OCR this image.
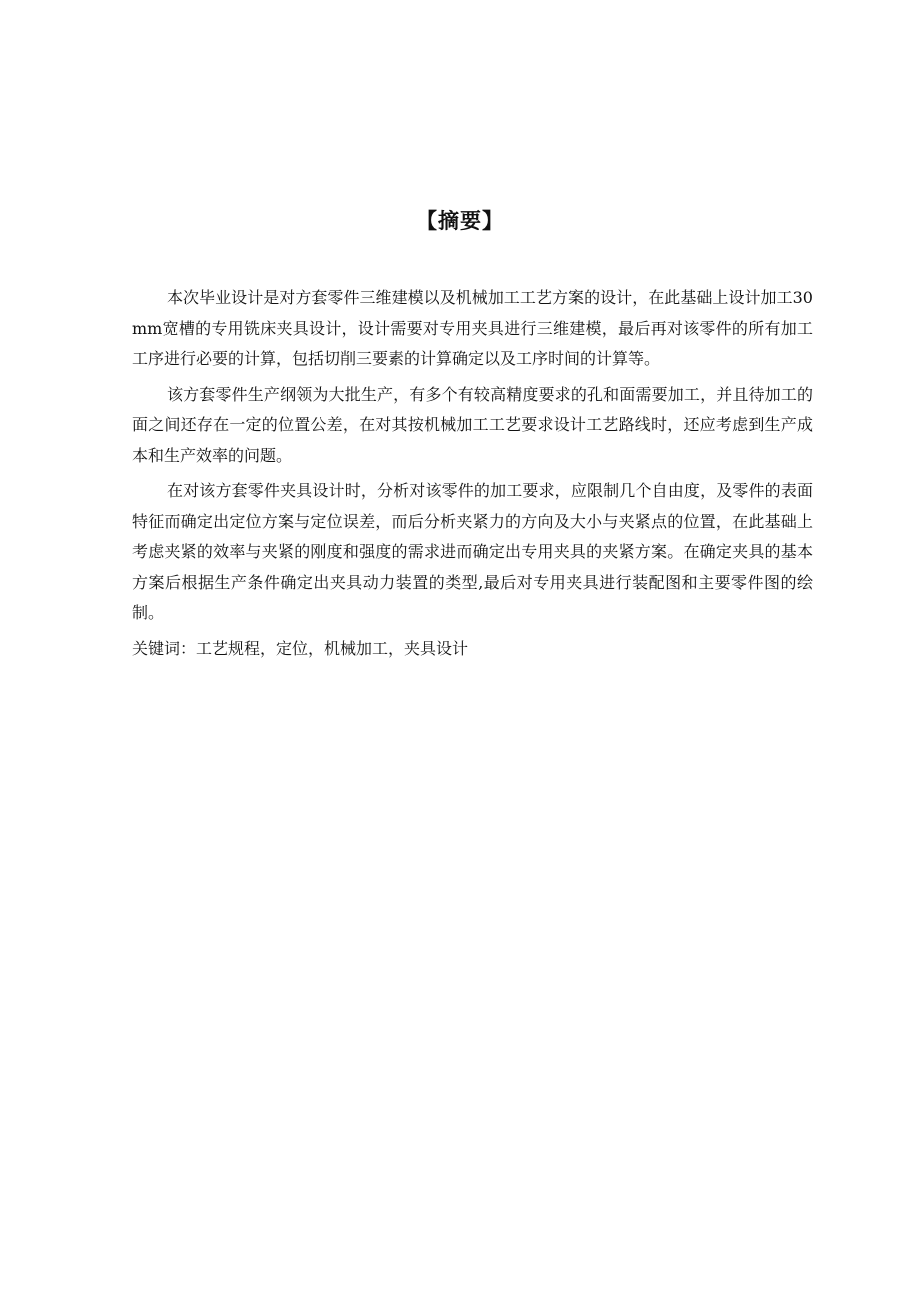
【摘要】

本次毕业设计是对方套零件三维建模以及机械加工工艺方案的设计，在此基础上设计加工30mm宽槽的专用铣床夹具设计，设计需要对专用夹具进行三维建模，最后再对该零件的所有加工工序进行必要的计算，包括切削三要素的计算确定以及工序时间的计算等。

该方套零件生产纲领为大批生产，有多个有较高精度要求的孔和面需要加工，并且待加工的面之间还存在一定的位置公差，在对其按机械加工工艺要求设计工艺路线时，还应考虑到生产成本和生产效率的问题。

在对该方套零件夹具设计时，分析对该零件的加工要求，应限制几个自由度，及零件的表面特征而确定出定位方案与定位误差，而后分析夹紧力的方向及大小与夹紧点的位置，在此基础上考虑夹紧的效率与夹紧的刚度和强度的需求进而确定出专用夹具的夹紧方案。在确定夹具的基本方案后根据生产条件确定出夹具动力装置的类型,最后对专用夹具进行装配图和主要零件图的绘制。

关键词：工艺规程，定位，机械加工，夹具设计
